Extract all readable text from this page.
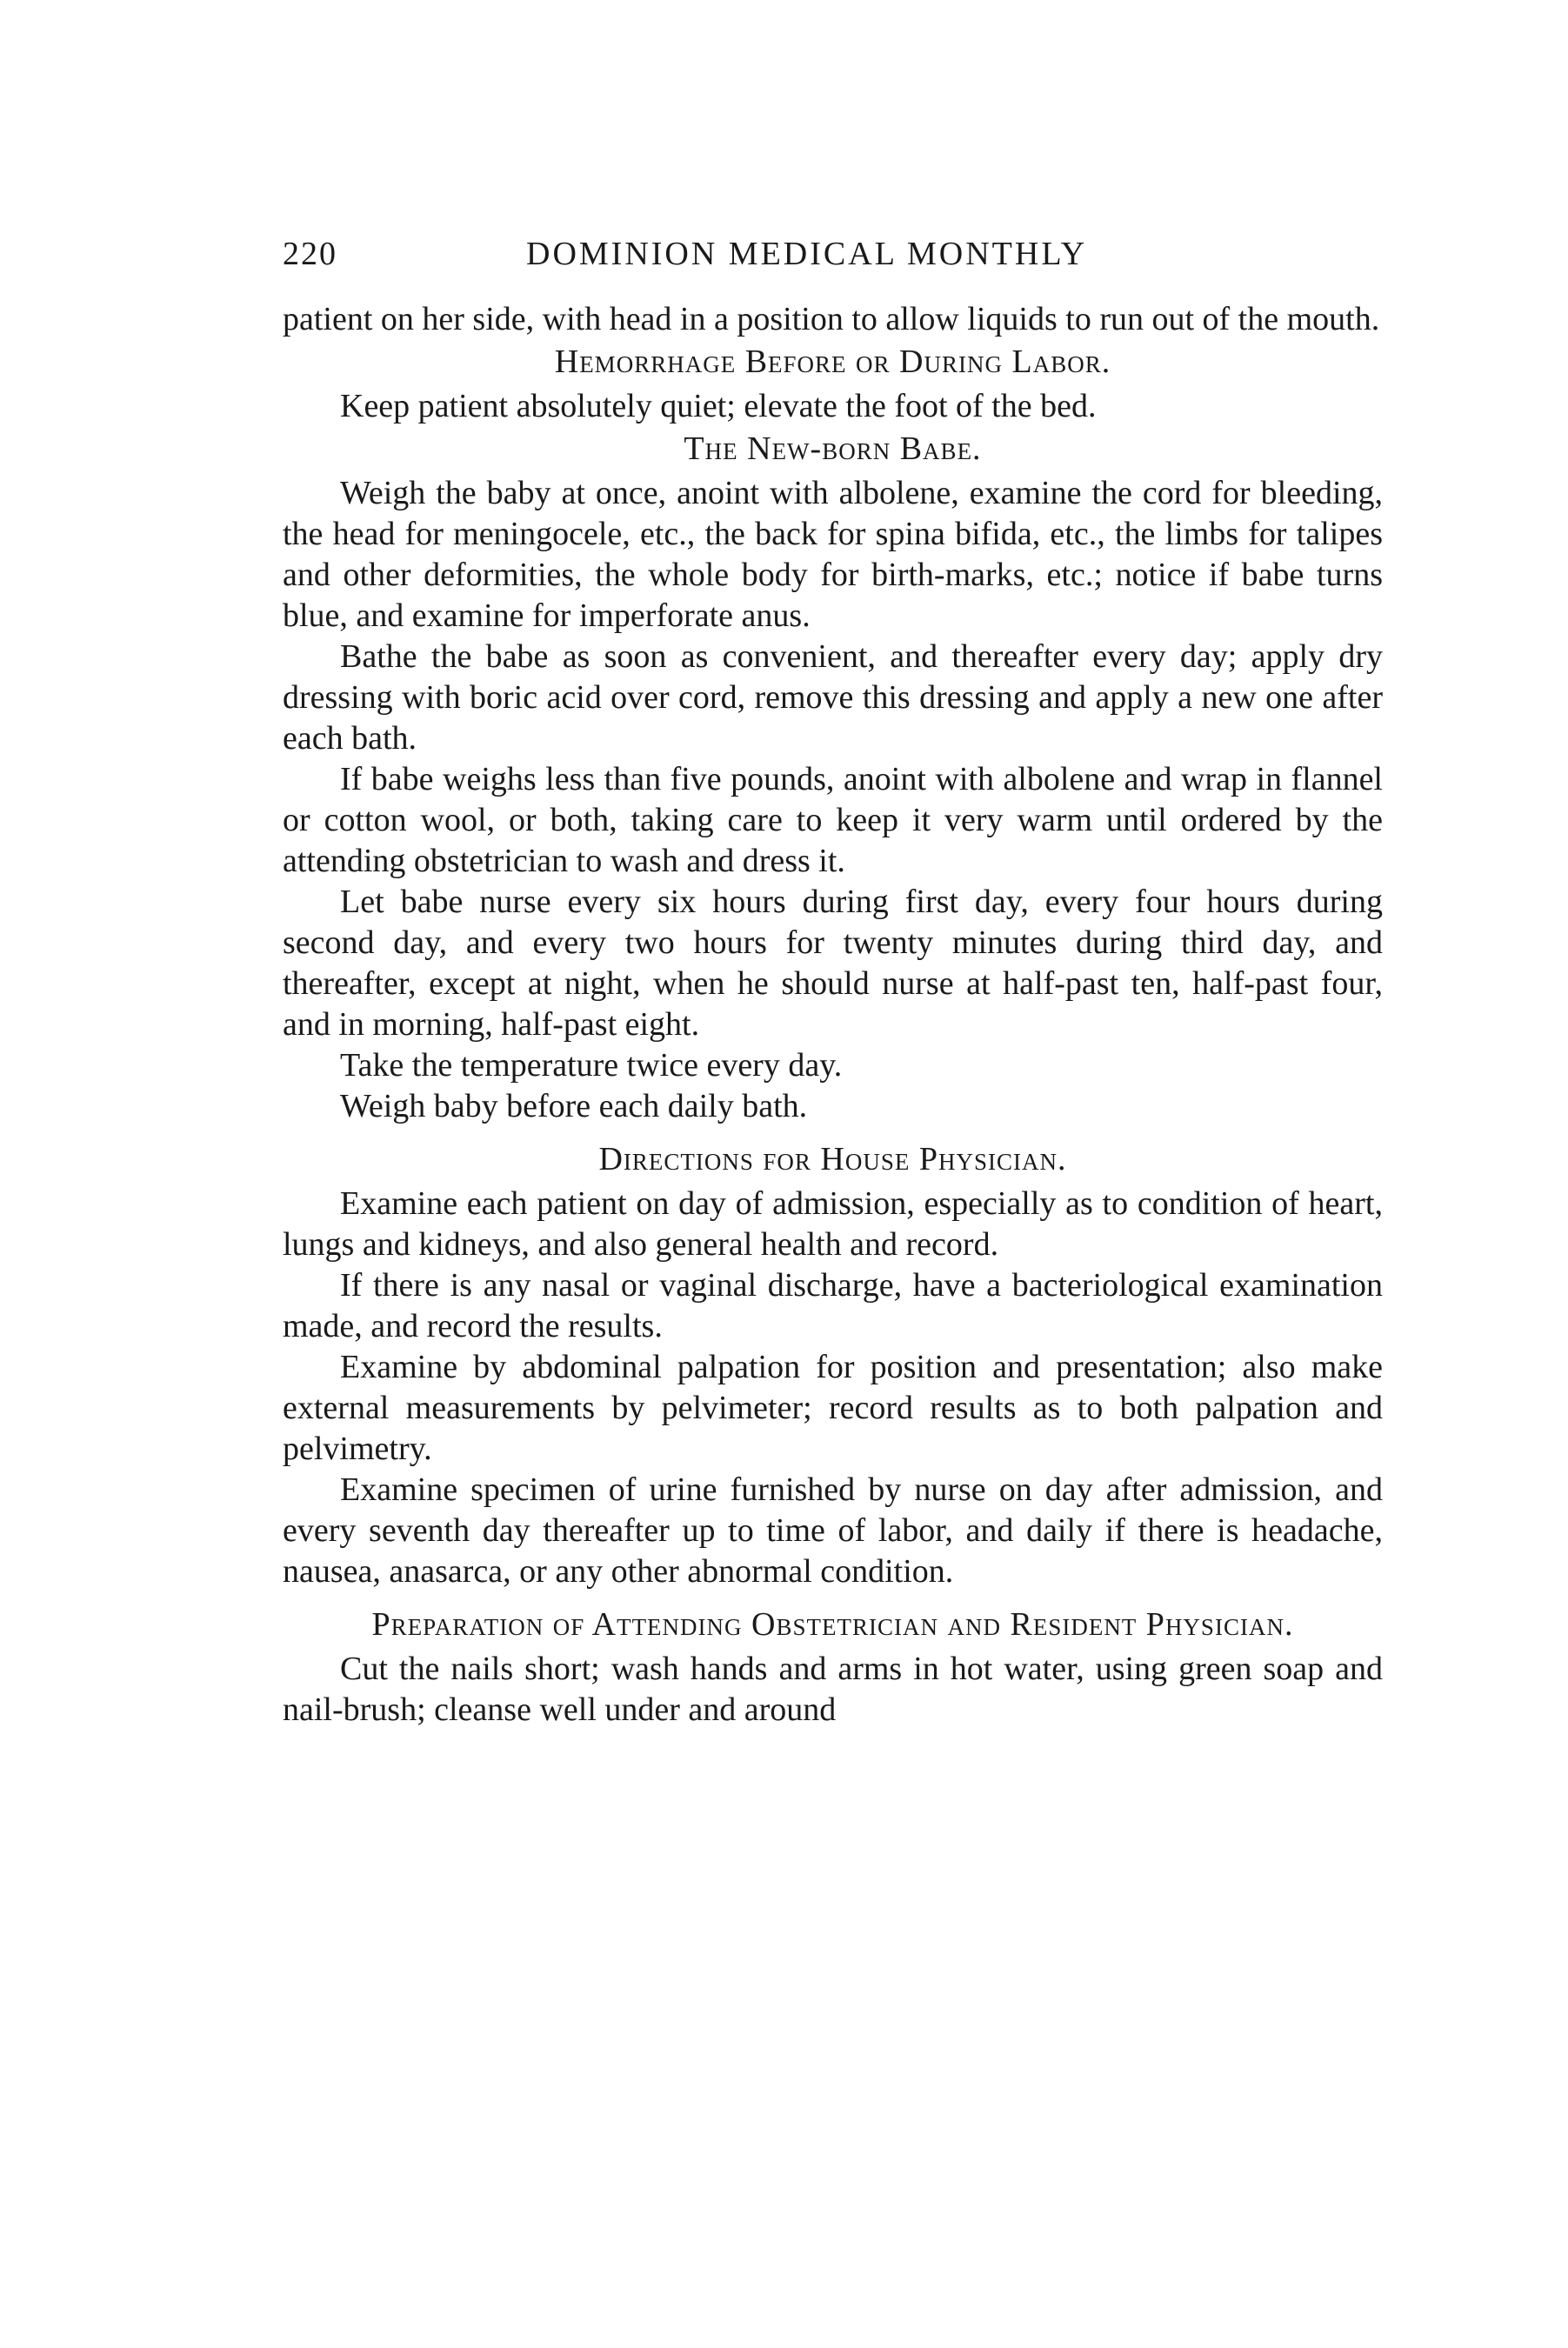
220	DOMINION MEDICAL MONTHLY

patient on her side, with head in a position to allow liquids to run out of the mouth.

Hemorrhage Before or During Labor.

Keep patient absolutely quiet; elevate the foot of the bed.

The New-born Babe.

Weigh the baby at once, anoint with albolene, examine the cord for bleeding, the head for meningocele, etc., the back for spina bifida, etc., the limbs for talipes and other deformities, the whole body for birth-marks, etc.; notice if babe turns blue, and examine for imperforate anus.

Bathe the babe as soon as convenient, and thereafter every day; apply dry dressing with boric acid over cord, remove this dressing and apply a new one after each bath.

If babe weighs less than five pounds, anoint with albolene and wrap in flannel or cotton wool, or both, taking care to keep it very warm until ordered by the attending obstetrician to wash and dress it.

Let babe nurse every six hours during first day, every four hours during second day, and every two hours for twenty minutes during third day, and thereafter, except at night, when he should nurse at half-past ten, half-past four, and in morning, half-past eight.

Take the temperature twice every day.

Weigh baby before each daily bath.

Directions for House Physician.

Examine each patient on day of admission, especially as to condition of heart, lungs and kidneys, and also general health and record.

If there is any nasal or vaginal discharge, have a bacteriological examination made, and record the results.

Examine by abdominal palpation for position and presentation; also make external measurements by pelvimeter; record results as to both palpation and pelvimetry.

Examine specimen of urine furnished by nurse on day after admission, and every seventh day thereafter up to time of labor, and daily if there is headache, nausea, anasarca, or any other abnormal condition.

Preparation of Attending Obstetrician and Resident Physician.

Cut the nails short; wash hands and arms in hot water, using green soap and nail-brush; cleanse well under and around
